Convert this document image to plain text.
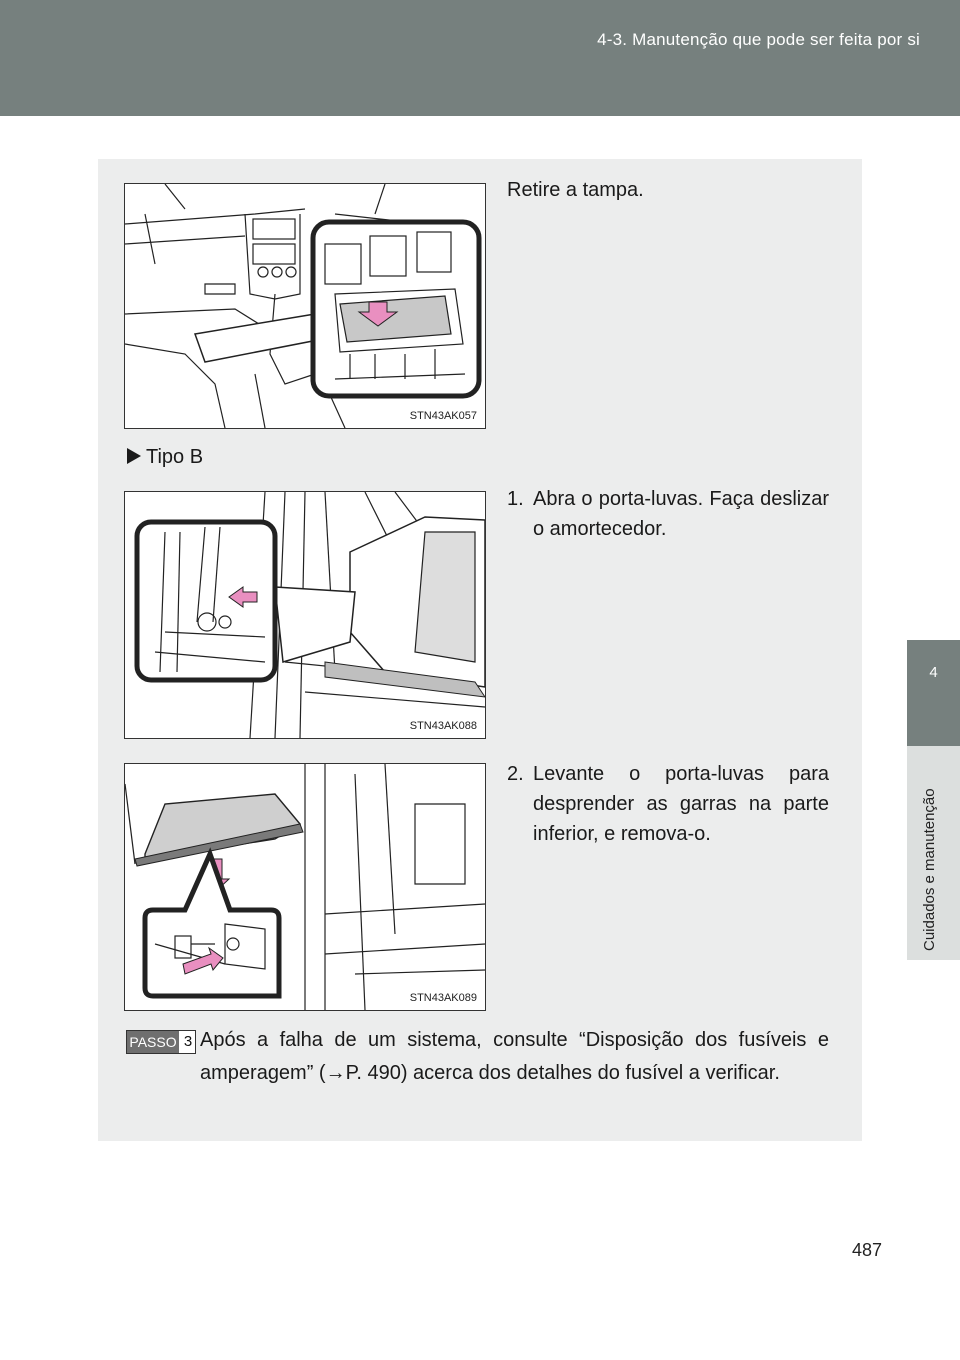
4-3. Manutenção que pode ser feita por si
4
Cuidados e manutenção
STN43AK057
Retire a tampa.
Tipo B
STN43AK088
1. Abra o porta-luvas. Faça deslizar o amortecedor.
STN43AK089
2. Levante o porta-luvas para desprender as garras na parte inferior, e remova-o.
PASSO 3 Após a falha de um sistema, consulte “Disposição dos fusíveis e amperagem” (→P. 490) acerca dos detalhes do fusível a verificar.
487
